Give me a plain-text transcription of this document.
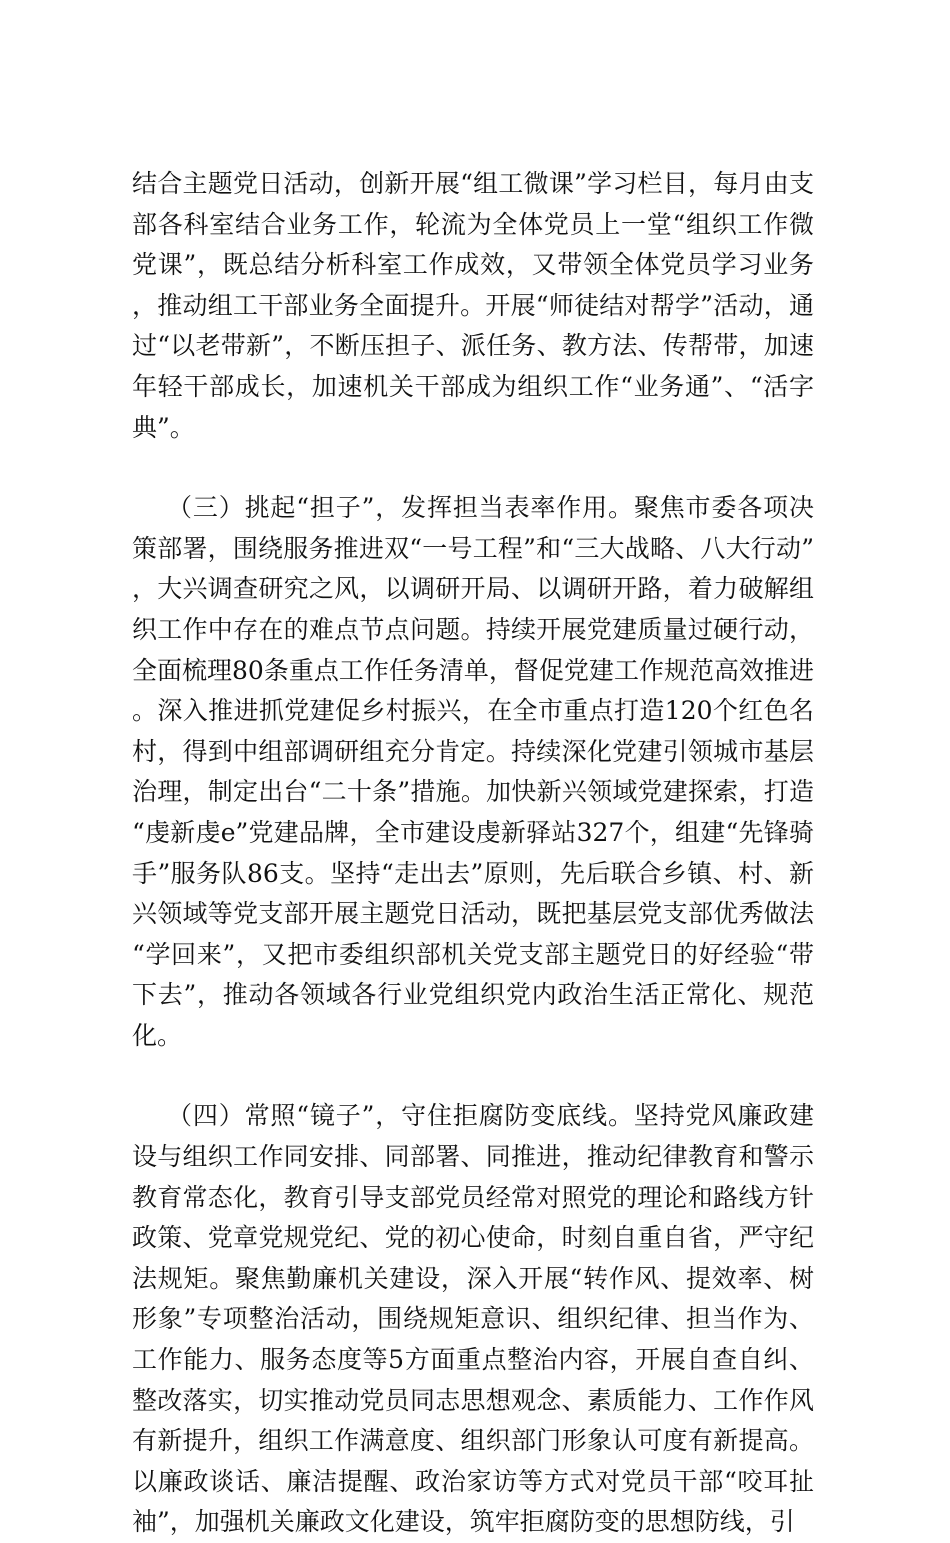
结合主题党日活动，创新开展“组工微课”学习栏目，每月由支部各科室结合业务工作，轮流为全体党员上一堂“组织工作微党课”，既总结分析科室工作成效，又带领全体党员学习业务，推动组工干部业务全面提升。开展“师徒结对帮学”活动，通过“以老带新”，不断压担子、派任务、教方法、传帮带，加速年轻干部成长，加速机关干部成为组织工作“业务通”、“活字典”。

（三）挑起“担子”，发挥担当表率作用。聚焦市委各项决策部署，围绕服务推进双“一号工程”和“三大战略、八大行动”，大兴调查研究之风，以调研开局、以调研开路，着力破解组织工作中存在的难点节点问题。持续开展党建质量过硬行动，全面梳理80条重点工作任务清单，督促党建工作规范高效推进。深入推进抓党建促乡村振兴，在全市重点打造120个红色名村，得到中组部调研组充分肯定。持续深化党建引领城市基层治理，制定出台“二十条”措施。加快新兴领域党建探索，打造“虔新虔e”党建品牌，全市建设虔新驿站327个，组建“先锋骑手”服务队86支。坚持“走出去”原则，先后联合乡镇、村、新兴领域等党支部开展主题党日活动，既把基层党支部优秀做法“学回来”，又把市委组织部机关党支部主题党日的好经验“带下去”，推动各领域各行业党组织党内政治生活正常化、规范化。

（四）常照“镜子”，守住拒腐防变底线。坚持党风廉政建设与组织工作同安排、同部署、同推进，推动纪律教育和警示教育常态化，教育引导支部党员经常对照党的理论和路线方针政策、党章党规党纪、党的初心使命，时刻自重自省，严守纪法规矩。聚焦勤廉机关建设，深入开展“转作风、提效率、树形象”专项整治活动，围绕规矩意识、组织纪律、担当作为、工作能力、服务态度等5方面重点整治内容，开展自查自纠、整改落实，切实推动党员同志思想观念、素质能力、工作作风有新提升，组织工作满意度、组织部门形象认可度有新提高。以廉政谈话、廉洁提醒、政治家访等方式对党员干部“咬耳扯袖”，加强机关廉政文化建设，筑牢拒腐防变的思想防线，引
